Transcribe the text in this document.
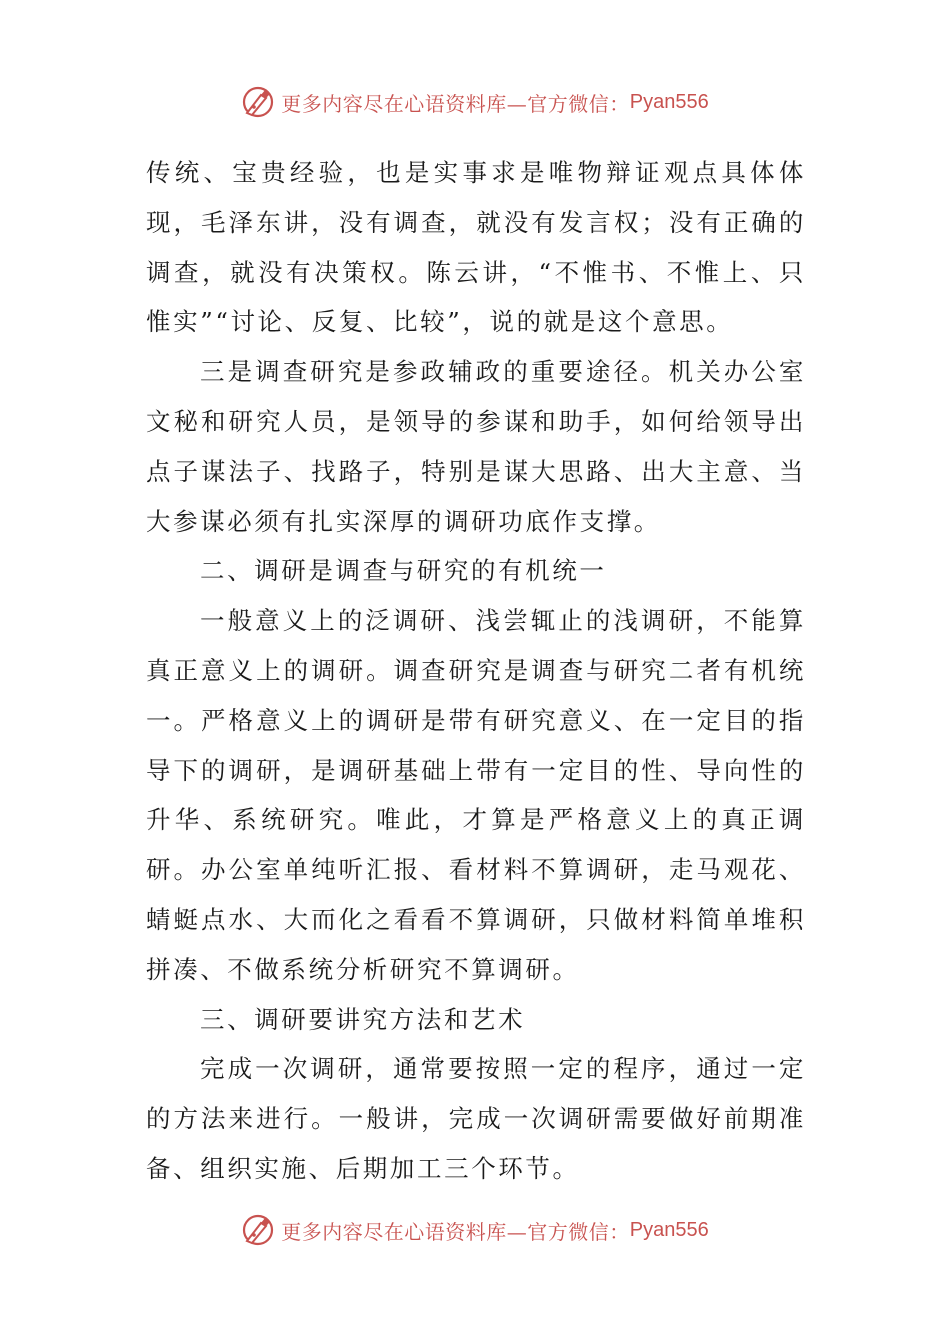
更多内容尽在心语资料库—官方微信： Pyan556

传统、宝贵经验，也是实事求是唯物辩证观点具体体现，毛泽东讲，没有调查，就没有发言权；没有正确的调查，就没有决策权。陈云讲，“不惟书、不惟上、只惟实”“讨论、反复、比较”，说的就是这个意思。

三是调查研究是参政辅政的重要途径。机关办公室文秘和研究人员，是领导的参谋和助手，如何给领导出点子谋法子、找路子，特别是谋大思路、出大主意、当大参谋必须有扎实深厚的调研功底作支撑。

二、调研是调查与研究的有机统一

一般意义上的泛调研、浅尝辄止的浅调研，不能算真正意义上的调研。调查研究是调查与研究二者有机统一。严格意义上的调研是带有研究意义、在一定目的指导下的调研，是调研基础上带有一定目的性、导向性的升华、系统研究。唯此，才算是严格意义上的真正调研。办公室单纯听汇报、看材料不算调研，走马观花、蜻蜓点水、大而化之看看不算调研，只做材料简单堆积拼凑、不做系统分析研究不算调研。

三、调研要讲究方法和艺术

完成一次调研，通常要按照一定的程序，通过一定的方法来进行。一般讲，完成一次调研需要做好前期准备、组织实施、后期加工三个环节。

更多内容尽在心语资料库—官方微信： Pyan556
